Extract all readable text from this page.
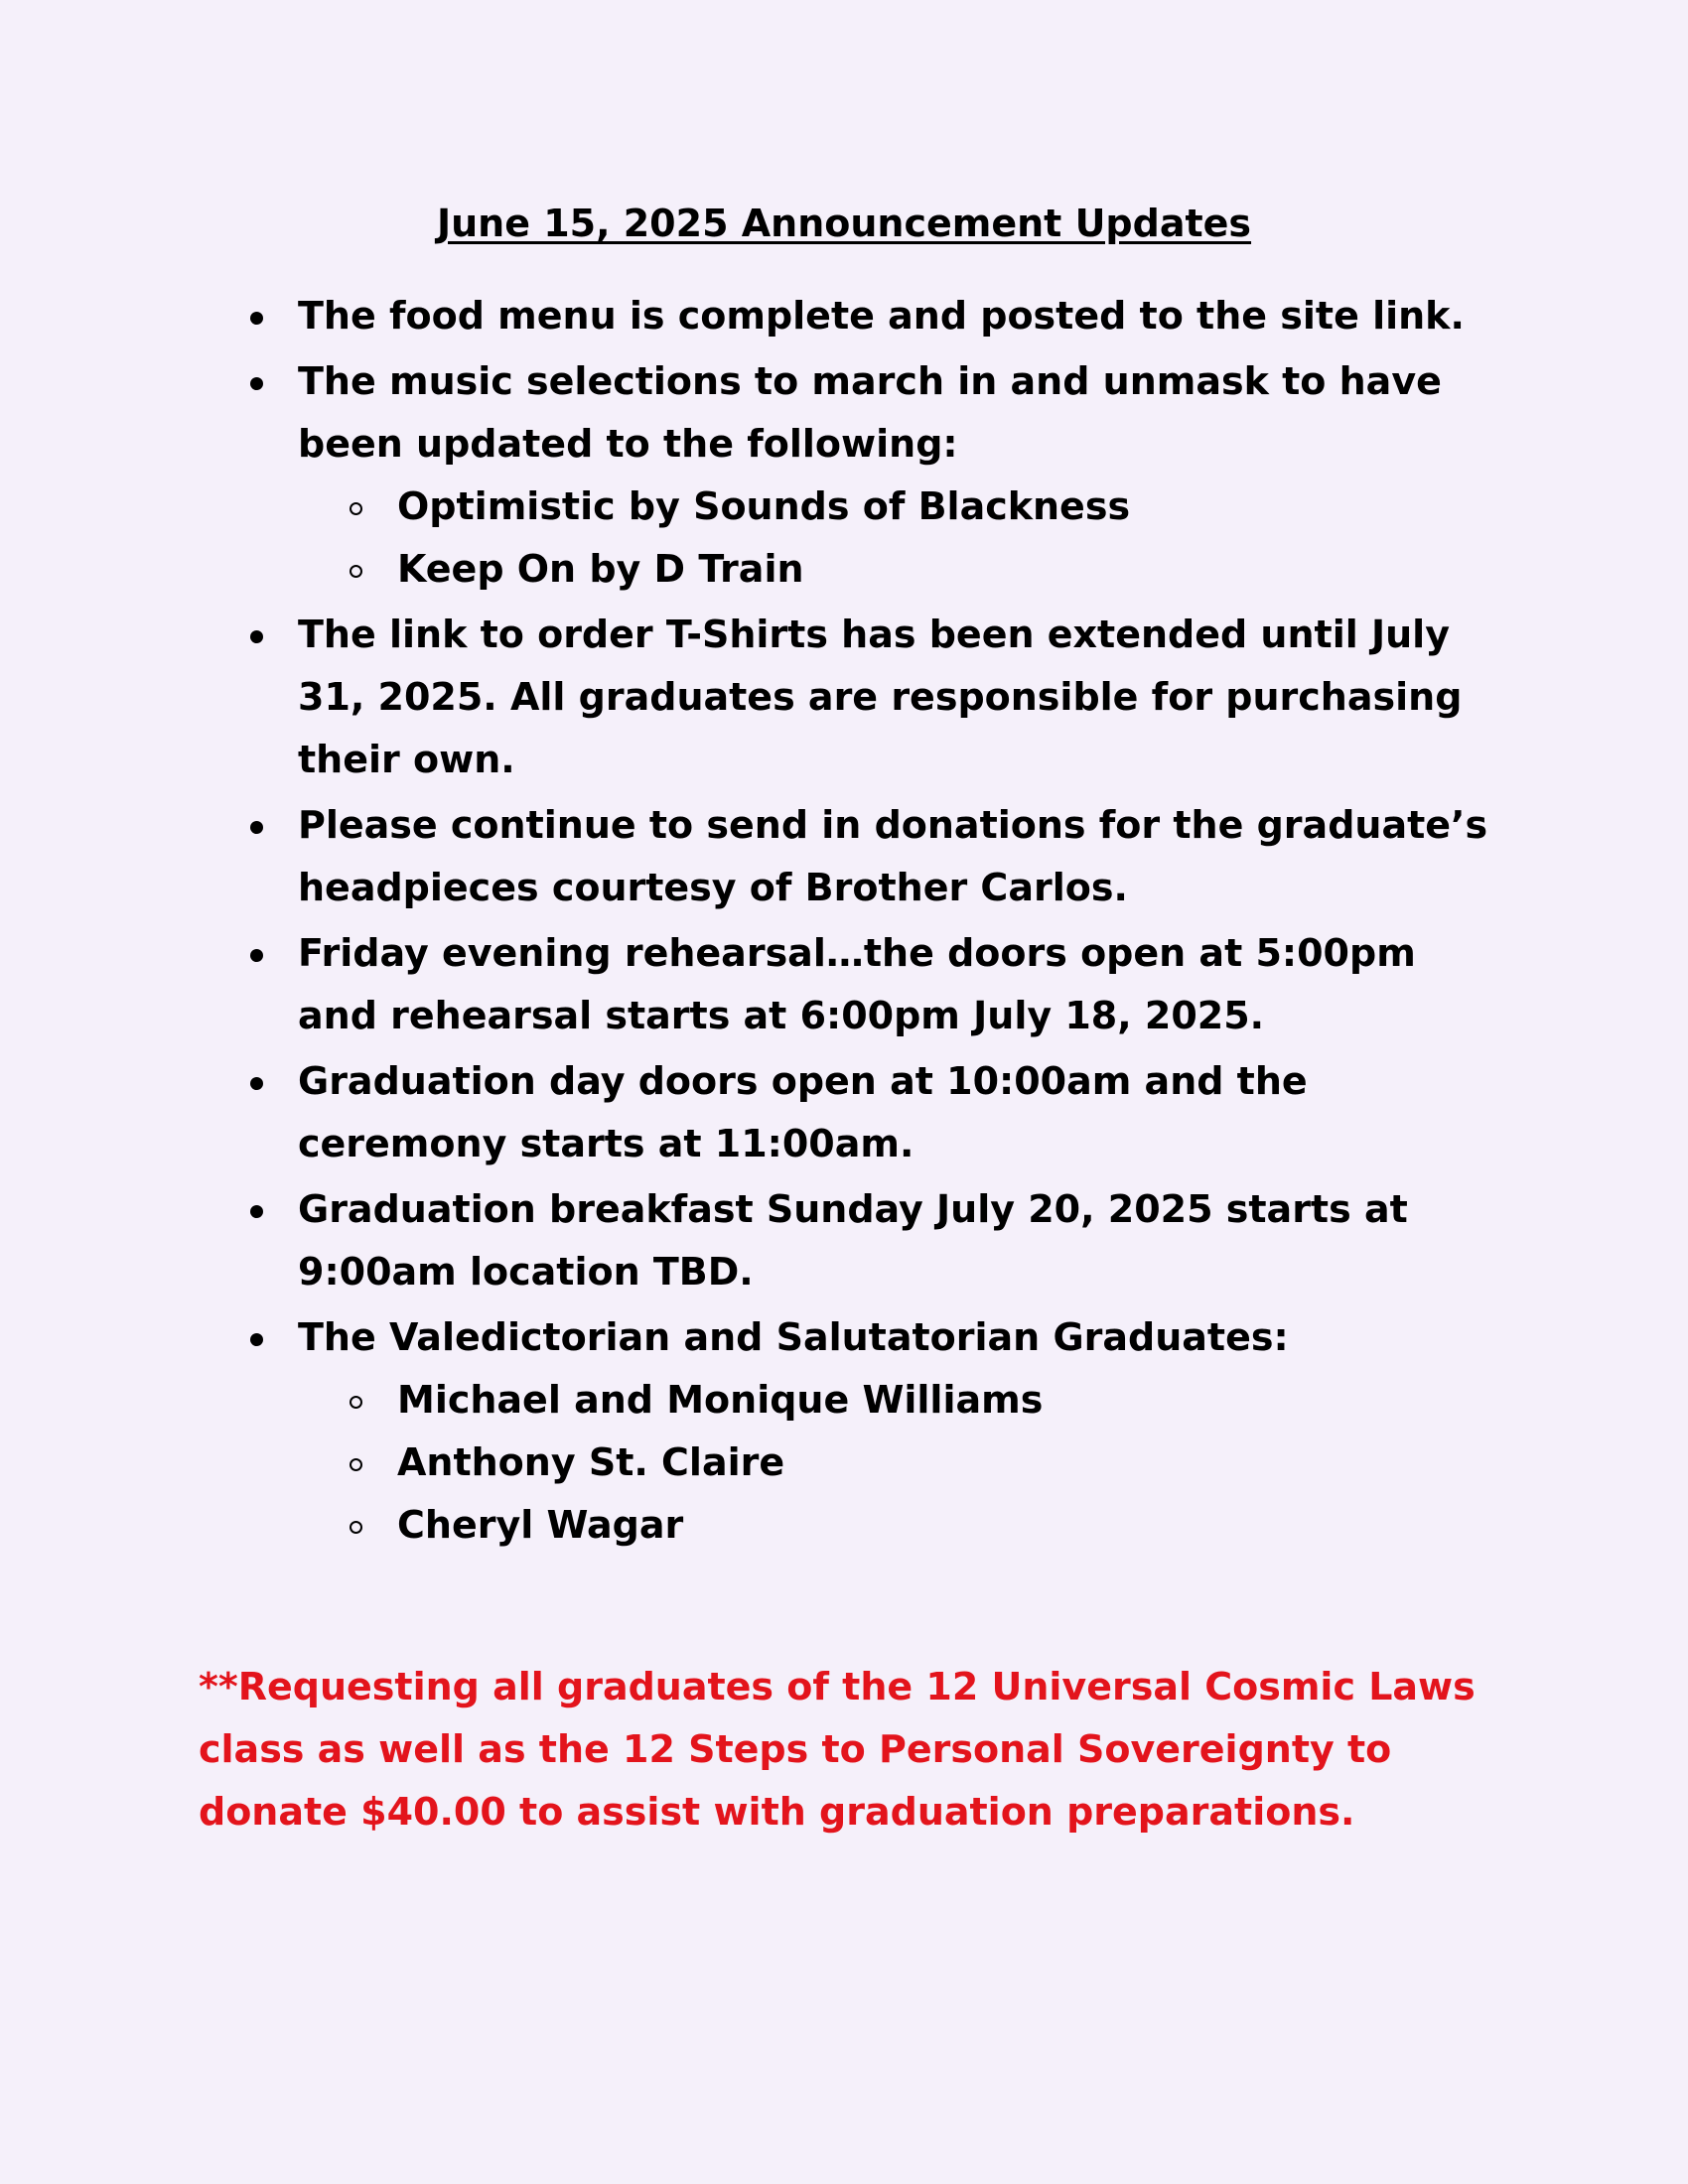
June 15, 2025 Announcement Updates
The food menu is complete and posted to the site link.
The music selections to march in and unmask to have been updated to the following:
Optimistic by Sounds of Blackness
Keep On by D Train
The link to order T-Shirts has been extended until July 31, 2025. All graduates are responsible for purchasing their own.
Please continue to send in donations for the graduate’s headpieces courtesy of Brother Carlos.
Friday evening rehearsal…the doors open at 5:00pm and rehearsal starts at 6:00pm July 18, 2025.
Graduation day doors open at 10:00am and the ceremony starts at 11:00am.
Graduation breakfast Sunday July 20, 2025 starts at 9:00am location TBD.
The Valedictorian and Salutatorian Graduates:
Michael and Monique Williams
Anthony St. Claire
Cheryl Wagar

**Requesting all graduates of the 12 Universal Cosmic Laws class as well as the 12 Steps to Personal Sovereignty to donate $40.00 to assist with graduation preparations.
